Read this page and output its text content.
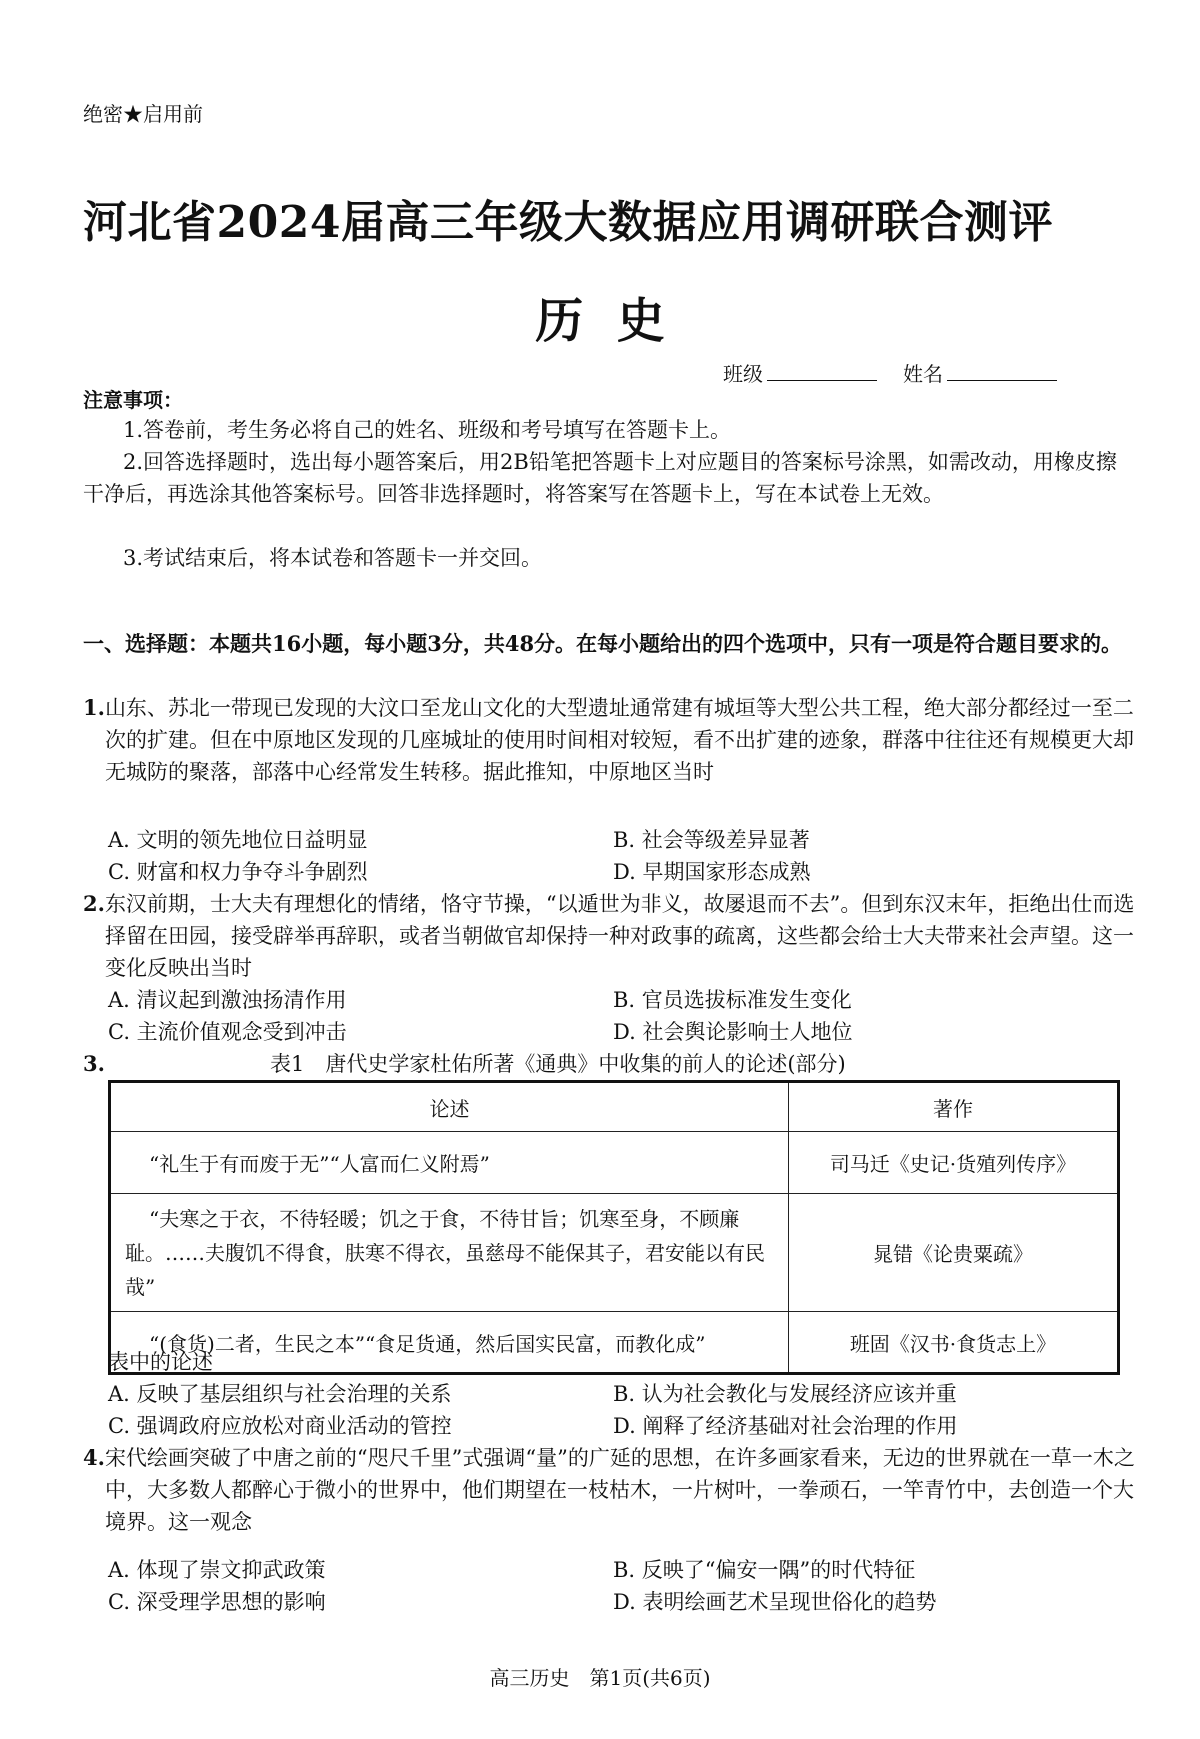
绝密★启用前
河北省2024届高三年级大数据应用调研联合测评
历  史
班级	姓名
注意事项：
1.答卷前，考生务必将自己的姓名、班级和考号填写在答题卡上。
2.回答选择题时，选出每小题答案后，用2B铅笔把答题卡上对应题目的答案标号涂黑，如需改动，用橡皮擦干净后，再选涂其他答案标号。回答非选择题时，将答案写在答题卡上，写在本试卷上无效。
3.考试结束后，将本试卷和答题卡一并交回。
一、选择题：本题共16小题，每小题3分，共48分。在每小题给出的四个选项中，只有一项是符合题目要求的。
1.山东、苏北一带现已发现的大汶口至龙山文化的大型遗址通常建有城垣等大型公共工程，绝大部分都经过一至二次的扩建。但在中原地区发现的几座城址的使用时间相对较短，看不出扩建的迹象，群落中往往还有规模更大却无城防的聚落，部落中心经常发生转移。据此推知，中原地区当时
A. 文明的领先地位日益明显	B. 社会等级差异显著
C. 财富和权力争夺斗争剧烈	D. 早期国家形态成熟
2.东汉前期，士大夫有理想化的情绪，恪守节操，“以遁世为非义，故屡退而不去”。但到东汉末年，拒绝出仕而选择留在田园，接受辟举再辞职，或者当朝做官却保持一种对政事的疏离，这些都会给士大夫带来社会声望。这一变化反映出当时
A. 清议起到激浊扬清作用	B. 官员选拔标准发生变化
C. 主流价值观念受到冲击	D. 社会舆论影响士人地位
3.	表1　唐代史学家杜佑所著《通典》中收集的前人的论述(部分)
论述	著作
“礼生于有而废于无”“人富而仁义附焉”	司马迁《史记·货殖列传序》
“夫寒之于衣，不待轻暖；饥之于食，不待甘旨；饥寒至身，不顾廉耻。……夫腹饥不得食，肤寒不得衣，虽慈母不能保其子，君安能以有民哉”	晁错《论贵粟疏》
“(食货)二者，生民之本”“食足货通，然后国实民富，而教化成”	班固《汉书·食货志上》
表中的论述
A. 反映了基层组织与社会治理的关系	B. 认为社会教化与发展经济应该并重
C. 强调政府应放松对商业活动的管控	D. 阐释了经济基础对社会治理的作用
4.宋代绘画突破了中唐之前的“咫尺千里”式强调“量”的广延的思想，在许多画家看来，无边的世界就在一草一木之中，大多数人都醉心于微小的世界中，他们期望在一枝枯木，一片树叶，一拳顽石，一竿青竹中，去创造一个大境界。这一观念
A. 体现了崇文抑武政策	B. 反映了“偏安一隅”的时代特征
C. 深受理学思想的影响	D. 表明绘画艺术呈现世俗化的趋势
高三历史　第1页(共6页)
